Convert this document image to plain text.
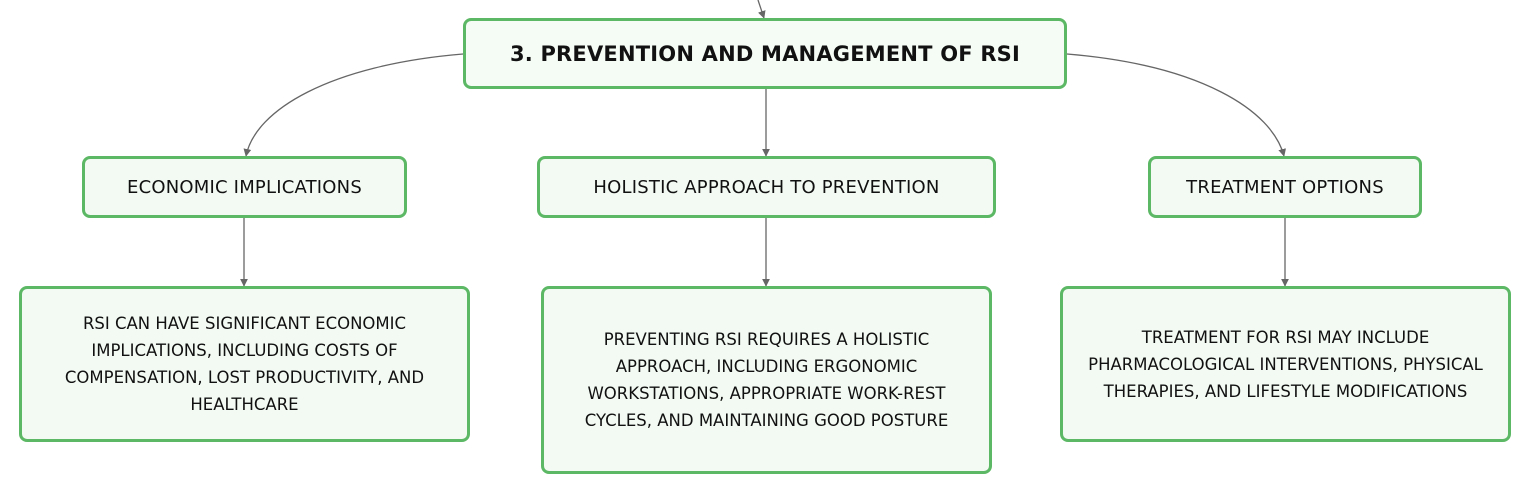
3. PREVENTION AND MANAGEMENT OF RSI
ECONOMIC IMPLICATIONS	HOLISTIC APPROACH TO PREVENTION	TREATMENT OPTIONS
RSI CAN HAVE SIGNIFICANT ECONOMIC IMPLICATIONS, INCLUDING COSTS OF COMPENSATION, LOST PRODUCTIVITY, AND HEALTHCARE
PREVENTING RSI REQUIRES A HOLISTIC APPROACH, INCLUDING ERGONOMIC WORKSTATIONS, APPROPRIATE WORK-REST CYCLES, AND MAINTAINING GOOD POSTURE
TREATMENT FOR RSI MAY INCLUDE PHARMACOLOGICAL INTERVENTIONS, PHYSICAL THERAPIES, AND LIFESTYLE MODIFICATIONS
